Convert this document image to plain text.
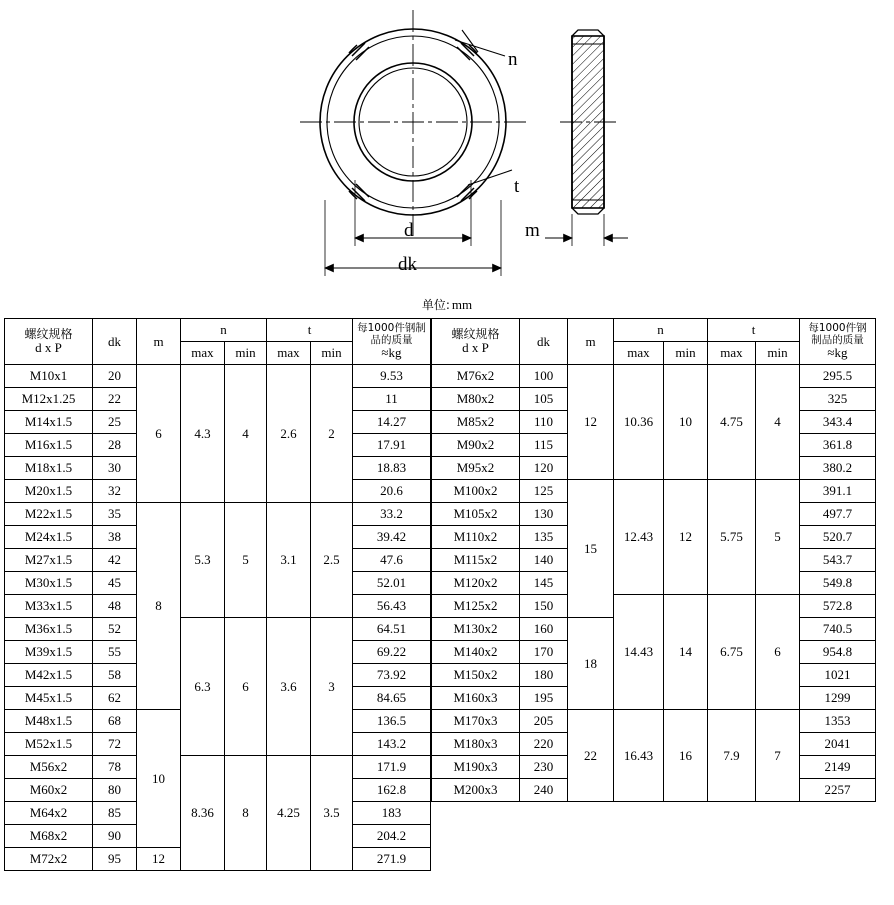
n
t
m
d
dk
单位: mm
螺纹规格
d x P	dk	m	n	t	每1000件钢制品的质量
≈kg

			max	min	max	min	
M10x1	20	6	4.3	4	2.6	2	9.53
M12x1.25	22						11
M14x1.5	25						14.27
M16x1.5	28						17.91
M18x1.5	30						18.83
M20x1.5	32						20.6
M22x1.5	35	8	5.3	5	3.1	2.5	33.2
M24x1.5	38						39.42
M27x1.5	42						47.6
M30x1.5	45						52.01
M33x1.5	48						56.43
M36x1.5	52		6.3	6	3.6	3	64.51
M39x1.5	55						69.22
M42x1.5	58						73.92
M45x1.5	62						84.65
M48x1.5	68	10					136.5
M52x1.5	72						143.2
M56x2	78		8.36	8	4.25	3.5	171.9
M60x2	80						162.8
M64x2	85						183
M68x2	90						204.2
M72x2	95	12					271.9
螺纹规格
d x P	dk	m	n	t	每1000件钢
制品的质量
≈kg

			max	min	max	min	
M76x2	100	12	10.36	10	4.75	4	295.5
M80x2	105						325
M85x2	110						343.4
M90x2	115						361.8
M95x2	120						380.2
M100x2	125	15	12.43	12	5.75	5	391.1
M105x2	130						497.7
M110x2	135						520.7
M115x2	140						543.7
M120x2	145						549.8
M125x2	150		14.43	14	6.75	6	572.8
M130x2	160	18					740.5
M140x2	170						954.8
M150x2	180						1021
M160x3	195						1299
M170x3	205	22	16.43	16	7.9	7	1353
M180x3	220						2041
M190x3	230						2149
M200x3	240						2257
